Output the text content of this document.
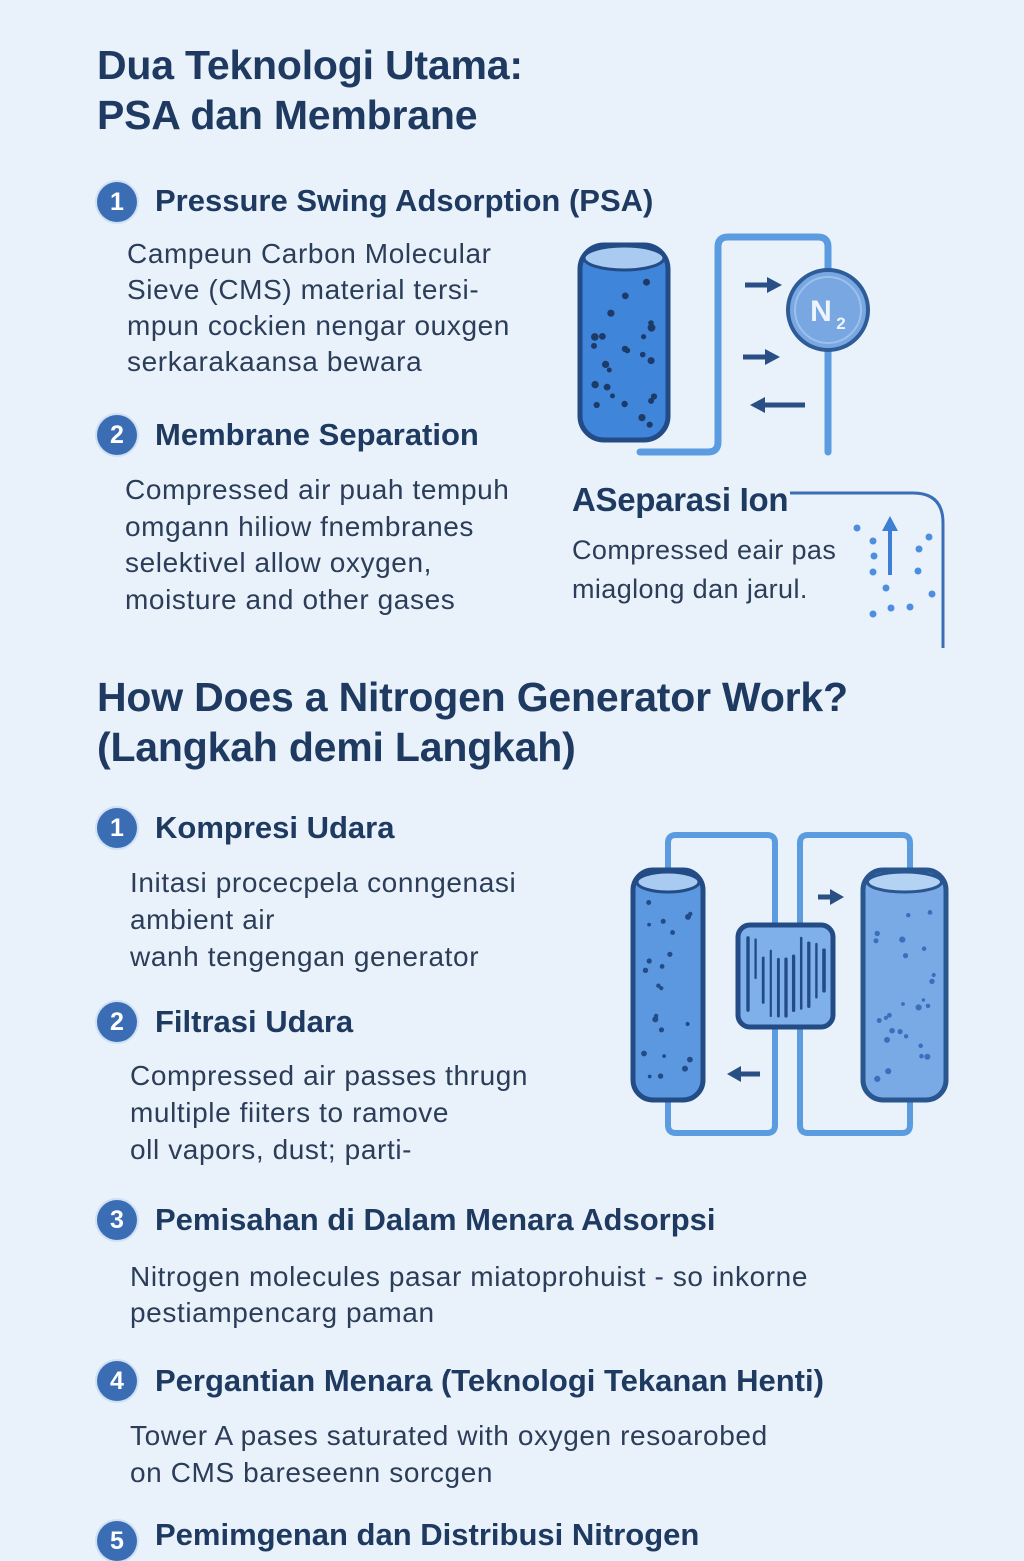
Dua Teknologi Utama:
PSA dan Membrane
1	Pressure Swing Adsorption (PSA)
Campeun Carbon Molecular
Sieve (CMS) material tersi-
mpun cockien nengar ouxgen
serkarakaansa bewara
2	Membrane Separation
Compressed air puah tempuh
omgann hiliow fnembranes
selektivel allow oxygen,
moisture and other gases
N 2
ASeparasi Ion
Compressed eair pas
miaglong dan jarul.
How Does a Nitrogen Generator Work?
(Langkah demi Langkah)
1	Kompresi Udara
Initasi procecpela conngenasi
ambient air
wanh tengengan generator
2	Filtrasi Udara
Compressed air passes thrugn
multiple fiiters to ramove
oll vapors, dust; parti-
3	Pemisahan di Dalam Menara Adsorpsi
Nitrogen molecules pasar miatoprohuist - so inkorne
pestiampencarg paman
4	Pergantian Menara (Teknologi Tekanan Henti)
Tower A pases saturated with oxygen resoarobed
on CMS bareseenn sorcgen
5	Pemimgenan dan Distribusi Nitrogen
